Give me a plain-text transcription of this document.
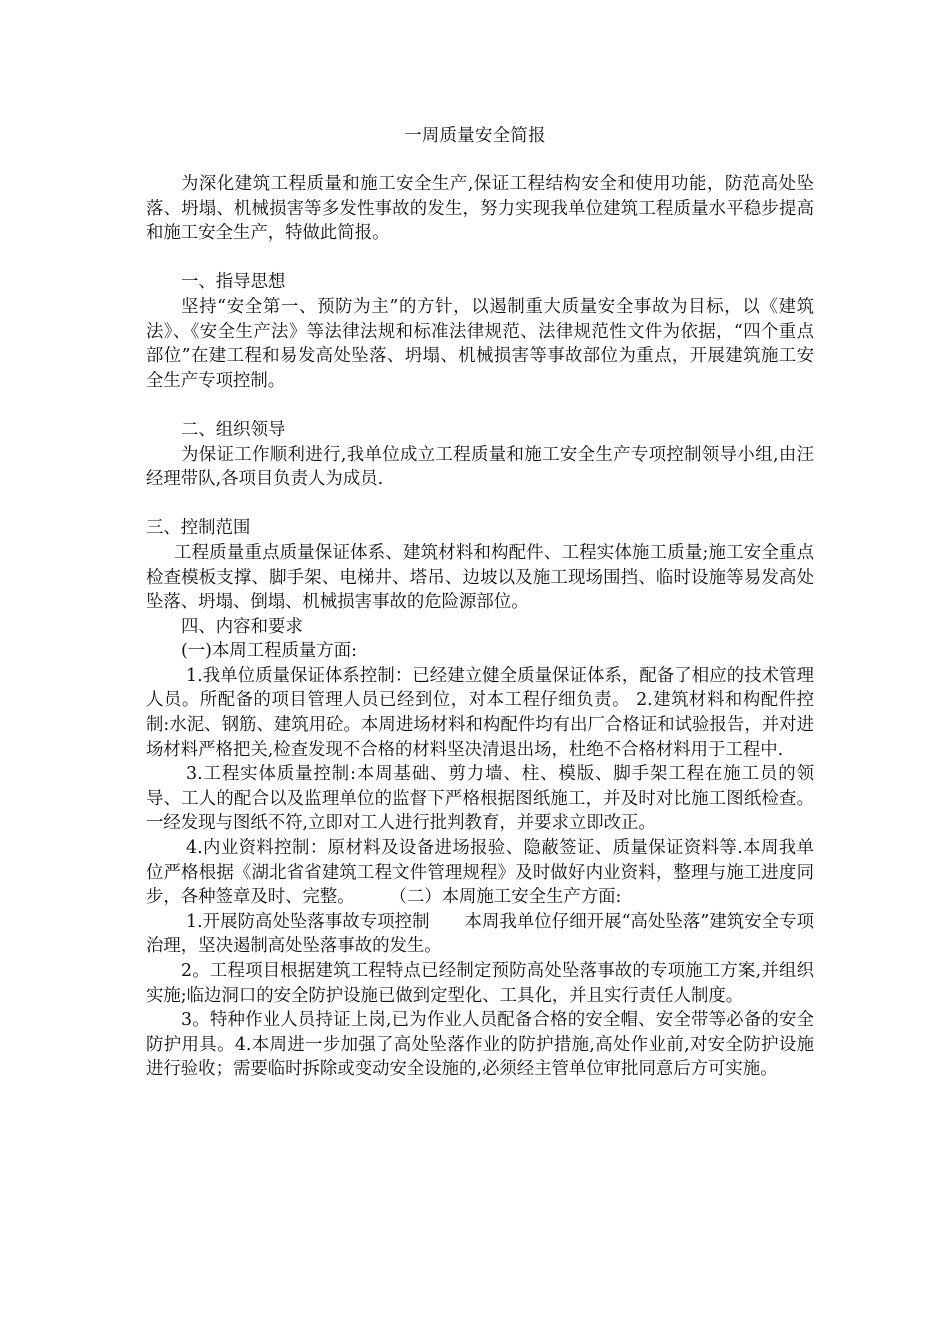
一周质量安全简报

为深化建筑工程质量和施工安全生产,保证工程结构安全和使用功能，防范高处坠落、坍塌、机械损害等多发性事故的发生，努力实现我单位建筑工程质量水平稳步提高和施工安全生产，特做此简报。

一、指导思想

坚持“安全第一、预防为主”的方针，以遏制重大质量安全事故为目标，以《建筑法》、《安全生产法》等法律法规和标准法律规范、法律规范性文件为依据，“四个重点部位”在建工程和易发高处坠落、坍塌、机械损害等事故部位为重点，开展建筑施工安全生产专项控制。

二、组织领导

为保证工作顺利进行,我单位成立工程质量和施工安全生产专项控制领导小组,由汪经理带队,各项目负责人为成员.

三、控制范围

工程质量重点质量保证体系、建筑材料和构配件、工程实体施工质量;施工安全重点检查模板支撑、脚手架、电梯井、塔吊、边坡以及施工现场围挡、临时设施等易发高处坠落、坍塌、倒塌、机械损害事故的危险源部位。

四、内容和要求

(一)本周工程质量方面:

1.我单位质量保证体系控制：已经建立健全质量保证体系，配备了相应的技术管理人员。所配备的项目管理人员已经到位，对本工程仔细负责。 2.建筑材料和构配件控制:水泥、钢筋、建筑用砼。本周进场材料和构配件均有出厂合格证和试验报告，并对进场材料严格把关,检查发现不合格的材料坚决清退出场，杜绝不合格材料用于工程中.

3.工程实体质量控制:本周基础、剪力墙、柱、模版、脚手架工程在施工员的领导、工人的配合以及监理单位的监督下严格根据图纸施工，并及时对比施工图纸检查。一经发现与图纸不符,立即对工人进行批判教育，并要求立即改正。

4.内业资料控制：原材料及设备进场报验、隐蔽签证、质量保证资料等.本周我单位严格根据《湖北省省建筑工程文件管理规程》及时做好内业资料，整理与施工进度同步，各种签章及时、完整。　　　（二）本周施工安全生产方面:

1.开展防高处坠落事故专项控制　　本周我单位仔细开展“高处坠落”建筑安全专项治理，坚决遏制高处坠落事故的发生。

2。工程项目根据建筑工程特点已经制定预防高处坠落事故的专项施工方案,并组织实施;临边洞口的安全防护设施已做到定型化、工具化，并且实行责任人制度。

3。特种作业人员持证上岗,已为作业人员配备合格的安全帽、安全带等必备的安全防护用具。4.本周进一步加强了高处坠落作业的防护措施,高处作业前,对安全防护设施进行验收；需要临时拆除或变动安全设施的,必须经主管单位审批同意后方可实施。
